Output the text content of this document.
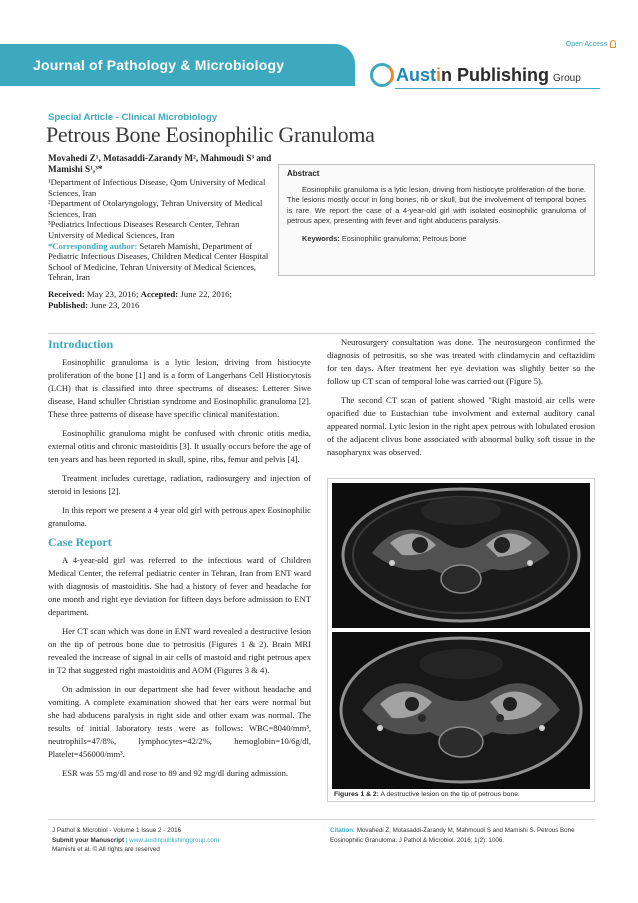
Open Access
Journal of Pathology & Microbiology	Austin Publishing Group
Special Article - Clinical Microbiology
Petrous Bone Eosinophilic Granuloma

Movahedi Z¹, Motasaddi-Zarandy M², Mahmoudi S³ and Mamishi S¹,³*

¹Department of Infectious Disease, Qom University of Medical Sciences, Iran

²Department of Otolaryngology, Tehran University of Medical Sciences, Iran

³Pediatrics Infectious Diseases Research Center, Tehran University of Medical Sciences, Iran

*Corresponding author: Setareh Mamishi, Department of Pediatric Infectious Diseases, Children Medical Center Hospital School of Medicine, Tehran University of Medical Sciences, Tehran, Iran

Received: May 23, 2016; Accepted: June 22, 2016;
Published: June 23, 2016

Abstract
Eosinophilic granuloma is a lytic lesion, driving from histiocyte proliferation of the bone. The lesions mostly occur in long bones, rib or skull, but the involvement of temporal bones is rare. We report the case of a 4-year-old girl with isolated eosinophilic granuloma of petrous apex, presenting with fever and right abducens paralysis.
Keywords: Eosinophilic granuloma; Petrous bone
Introduction

Eosinophilic granuloma is a lytic lesion, driving from histiocyte proliferation of the bone [1] and is a form of Langerhans Cell Histiocytosis (LCH) that is classified into three spectrums of diseases: Letterer Siwe disease, Hand schuller Christian syndrome and Eosinophilic granuloma [2]. These three patterns of disease have specific clinical manifestation.

Eosinophilic granuloma might be confused with chronic otitis media, external otitis and chronic mastoiditis [3]. It usually occurs before the age of ten years and has been reported in skull, spine, ribs, femur and pelvis [4].

Treatment includes curettage, radiation, radiosurgery and injection of steroid in lesions [2].

In this report we present a 4 year old girl with petrous apex Eosinophilic granuloma.

Case Report

A 4-year-old girl was referred to the infectious ward of Children Medical Center, the referral pediatric center in Tehran, Iran from ENT ward with diagnosis of mastoiditis. She had a history of fever and headache for one month and right eye deviation for fifteen days before admission to ENT department.

Her CT scan which was done in ENT ward revealed a destructive lesion on the tip of petrous bone due to petrositis (Figures 1 & 2). Brain MRI revealed the increase of signal in air cells of mastoid and right petrous apex in T2 that suggested right mastoiditis and AOM (Figures 3 & 4).

On admission in our department she had fever without headache and vomiting. A complete examination showed that her ears were normal but she had abducens paralysis in right side and other exam was normal. The results of initial laboratory tests were as follows: WBC=8040/mm³, neutrophils=47/8%, lymphocytes=42/2%, hemoglobin=10/6g/dl, Platelet=456000/mm³.

ESR was 55 mg/dl and rose to 89 and 92 mg/dl during admission.

Neurosurgery consultation was done. The neurosurgeon confirmed the diagnosis of petrositis, so she was treated with clindamycin and ceftazidim for ten days. After treatment her eye deviation was slightly better so the follow up CT scan of temporal lobe was carried out (Figure 5).

The second CT scan of patient showed "Right mastoid air cells were opacified due to Eustachian tube involvment and external auditory canal appeared normal. Lytic lesion in the right apex petrous with lobulated erosion of the adjacent clivus bone associated with abnormal bulky soft tissue in the nasopharynx was observed.

Figures 1 & 2: A destructive lesion on the tip of petrous bone.
J Pathol & Microbiol - Volume 1 Issue 2 - 2016
Submit your Manuscript | www.austinpublishinggroup.com
Mamishi et al. © All rights are reserved
Citation: Movahedi Z, Motasaddi-Zarandy M, Mahmoudi S and Mamishi S. Petrous Bone Eosinophilic Granuloma. J Pathol & Microbiol. 2016; 1(2): 1006.
